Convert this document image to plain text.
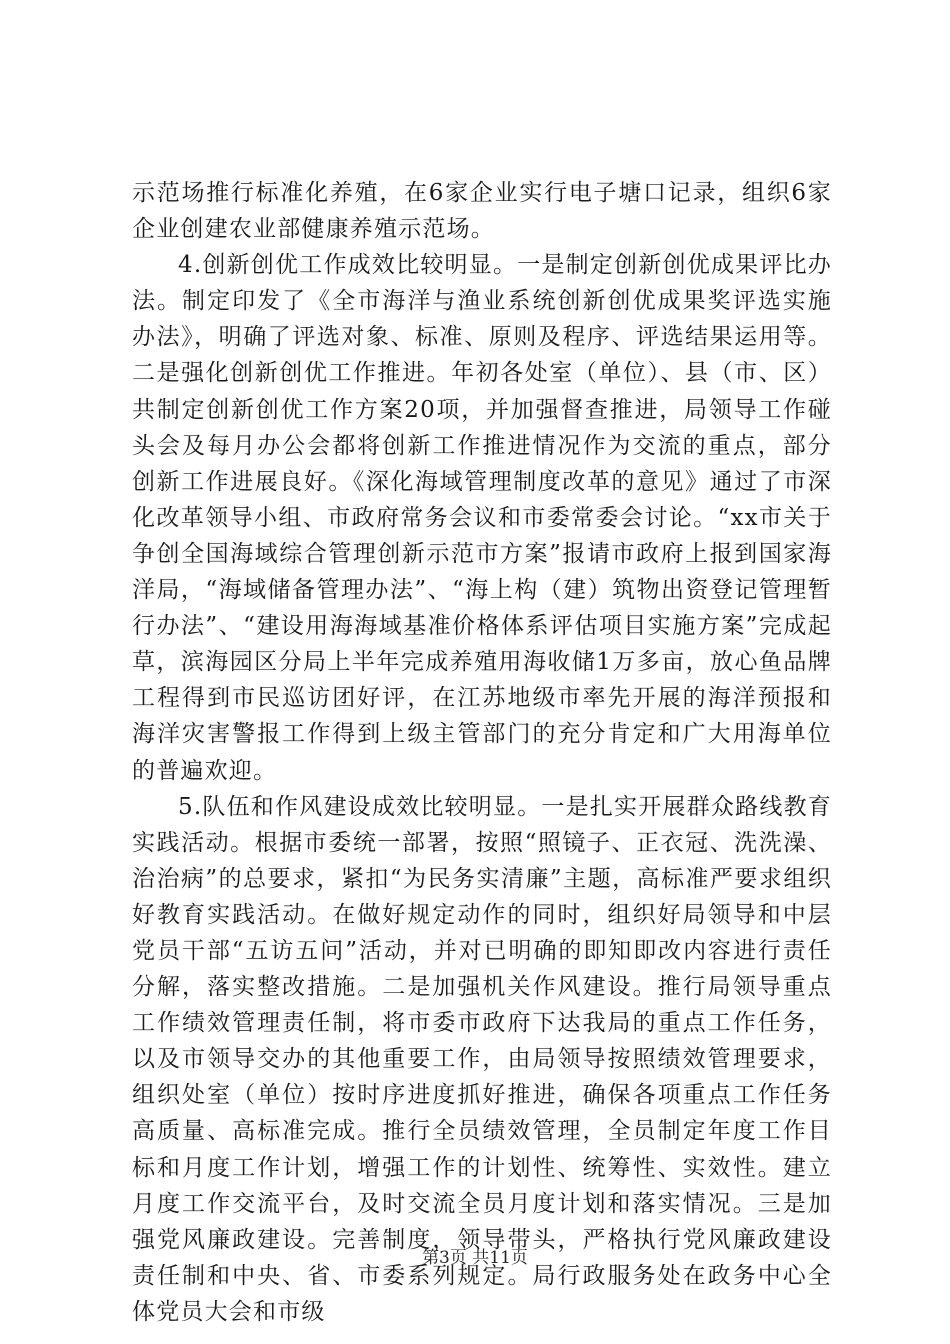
示范场推行标准化养殖，在6家企业实行电子塘口记录，组织6家企业创建农业部健康养殖示范场。

4.创新创优工作成效比较明显。一是制定创新创优成果评比办法。制定印发了《全市海洋与渔业系统创新创优成果奖评选实施办法》，明确了评选对象、标准、原则及程序、评选结果运用等。二是强化创新创优工作推进。年初各处室（单位）、县（市、区）共制定创新创优工作方案20项，并加强督查推进，局领导工作碰头会及每月办公会都将创新工作推进情况作为交流的重点，部分创新工作进展良好。《深化海域管理制度改革的意见》通过了市深化改革领导小组、市政府常务会议和市委常委会讨论。“xx市关于争创全国海域综合管理创新示范市方案”报请市政府上报到国家海洋局，“海域储备管理办法”、“海上构（建）筑物出资登记管理暂行办法”、“建设用海海域基准价格体系评估项目实施方案”完成起草，滨海园区分局上半年完成养殖用海收储1万多亩，放心鱼品牌工程得到市民巡访团好评，在江苏地级市率先开展的海洋预报和海洋灾害警报工作得到上级主管部门的充分肯定和广大用海单位的普遍欢迎。

5.队伍和作风建设成效比较明显。一是扎实开展群众路线教育实践活动。根据市委统一部署，按照“照镜子、正衣冠、洗洗澡、治治病”的总要求，紧扣“为民务实清廉”主题，高标准严要求组织好教育实践活动。在做好规定动作的同时，组织好局领导和中层党员干部“五访五问”活动，并对已明确的即知即改内容进行责任分解，落实整改措施。二是加强机关作风建设。推行局领导重点工作绩效管理责任制，将市委市政府下达我局的重点工作任务，以及市领导交办的其他重要工作，由局领导按照绩效管理要求，组织处室（单位）按时序进度抓好推进，确保各项重点工作任务高质量、高标准完成。推行全员绩效管理，全员制定年度工作目标和月度工作计划，增强工作的计划性、统筹性、实效性。建立月度工作交流平台，及时交流全员月度计划和落实情况。三是加强党风廉政建设。完善制度，领导带头，严格执行党风廉政建设责任制和中央、省、市委系列规定。局行政服务处在政务中心全体党员大会和市级

第3页 共11页
